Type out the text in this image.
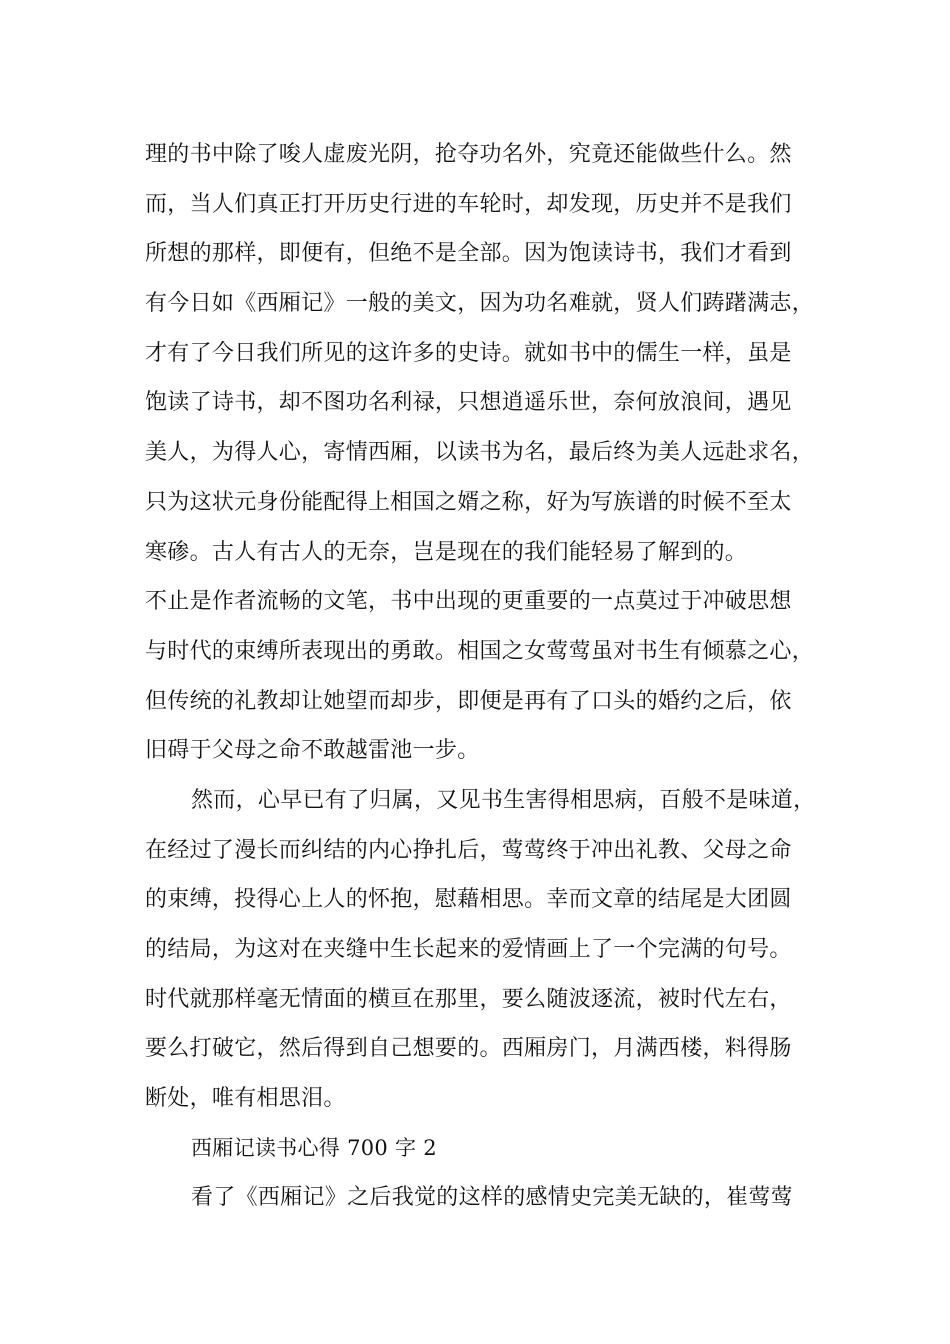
理的书中除了唆人虚废光阴，抢夺功名外，究竟还能做些什么。然
而，当人们真正打开历史行进的车轮时，却发现，历史并不是我们
所想的那样，即便有，但绝不是全部。因为饱读诗书，我们才看到
有今日如《西厢记》一般的美文，因为功名难就，贤人们踌躇满志，
才有了今日我们所见的这许多的史诗。就如书中的儒生一样，虽是
饱读了诗书，却不图功名利禄，只想逍遥乐世，奈何放浪间，遇见
美人，为得人心，寄情西厢，以读书为名，最后终为美人远赴求名，
只为这状元身份能配得上相国之婿之称，好为写族谱的时候不至太
寒碜。古人有古人的无奈，岂是现在的我们能轻易了解到的。
不止是作者流畅的文笔，书中出现的更重要的一点莫过于冲破思想
与时代的束缚所表现出的勇敢。相国之女莺莺虽对书生有倾慕之心，
但传统的礼教却让她望而却步，即便是再有了口头的婚约之后，依
旧碍于父母之命不敢越雷池一步。
然而，心早已有了归属，又见书生害得相思病，百般不是味道，
在经过了漫长而纠结的内心挣扎后，莺莺终于冲出礼教、父母之命
的束缚，投得心上人的怀抱，慰藉相思。幸而文章的结尾是大团圆
的结局，为这对在夹缝中生长起来的爱情画上了一个完满的句号。
时代就那样毫无情面的横亘在那里，要么随波逐流，被时代左右，
要么打破它，然后得到自己想要的。西厢房门，月满西楼，料得肠
断处，唯有相思泪。
西厢记读书心得 700 字 2
看了《西厢记》之后我觉的这样的感情史完美无缺的，崔莺莺
